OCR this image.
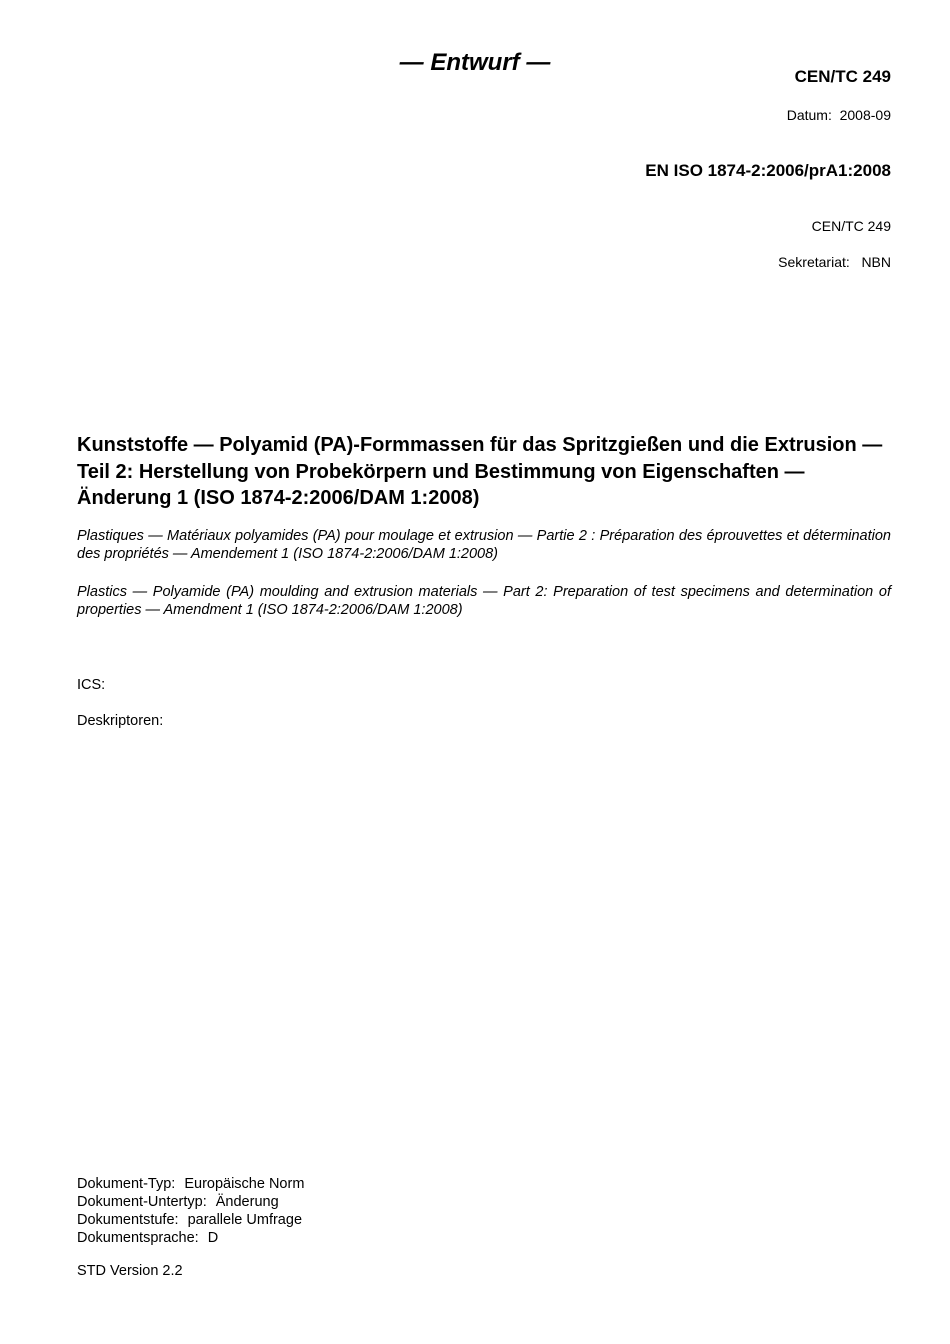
— Entwurf —
CEN/TC 249
Datum: 2008-09
EN ISO 1874-2:2006/prA1:2008
CEN/TC 249
Sekretariat: NBN
Kunststoffe — Polyamid (PA)-Formmassen für das Spritzgießen und die Extrusion — Teil 2: Herstellung von Probekörpern und Bestimmung von Eigenschaften — Änderung 1 (ISO 1874-2:2006/DAM 1:2008)
Plastiques — Matériaux polyamides (PA) pour moulage et extrusion — Partie 2 : Préparation des éprouvettes et détermination des propriétés — Amendement 1 (ISO 1874-2:2006/DAM 1:2008)
Plastics — Polyamide (PA) moulding and extrusion materials — Part 2: Preparation of test specimens and determination of properties — Amendment 1 (ISO 1874-2:2006/DAM 1:2008)
ICS:
Deskriptoren:
Dokument-Typ: Europäische Norm
Dokument-Untertyp: Änderung
Dokumentstufe: parallele Umfrage
Dokumentsprache: D
STD Version 2.2
